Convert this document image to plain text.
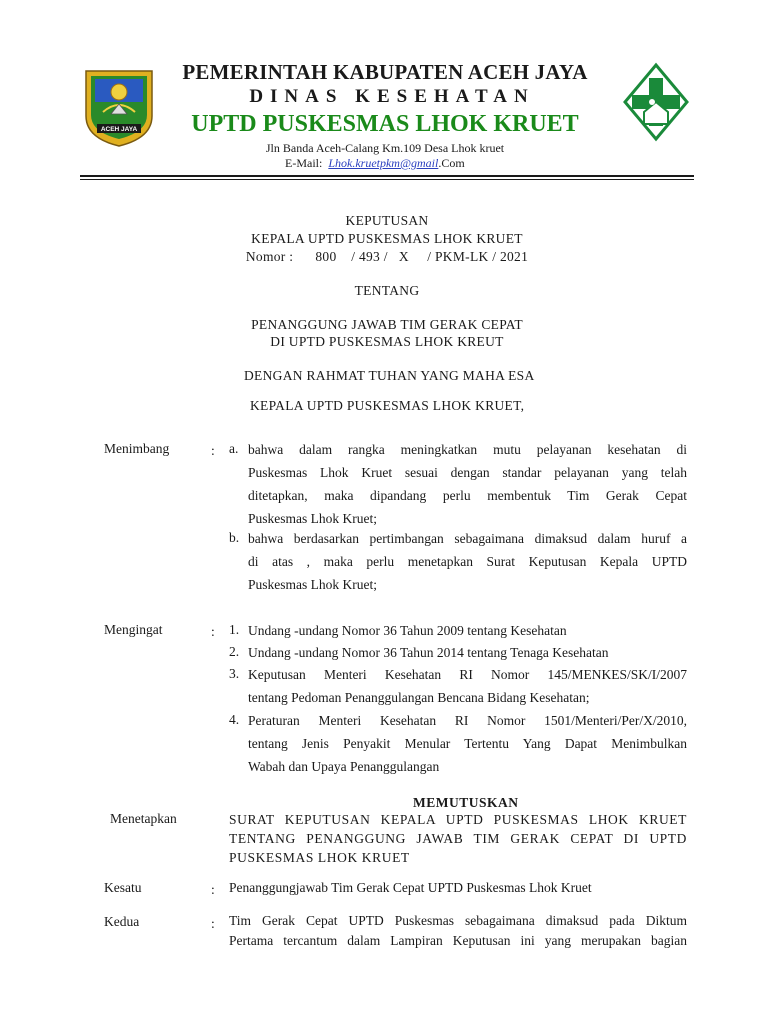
ACEH JAYA
PEMERINTAH KABUPATEN ACEH JAYA
DINAS KESEHATAN
UPTD PUSKESMAS LHOK KRUET
Jln Banda Aceh-Calang Km.109 Desa Lhok kruet
E-Mail: Lhok.kruetpkm@gmail.Com
KEPUTUSAN
KEPALA UPTD PUSKESMAS LHOK KRUET
Nomor :      800    / 493 /   X     / PKM-LK / 2021
TENTANG
PENANGGUNG JAWAB TIM GERAK CEPAT
DI UPTD PUSKESMAS LHOK KREUT
DENGAN RAHMAT TUHAN YANG MAHA ESA
KEPALA UPTD PUSKESMAS LHOK KRUET,
Menimbang	: a. bahwa dalam rangka meningkatkan mutu pelayanan kesehatan di
Puskesmas Lhok Kruet sesuai dengan standar pelayanan yang telah
ditetapkan, maka dipandang perlu membentuk Tim Gerak Cepat
Puskesmas Lhok Kruet;
b. bahwa berdasarkan pertimbangan sebagaimana dimaksud dalam huruf a
di atas , maka perlu menetapkan Surat Keputusan Kepala UPTD
Puskesmas Lhok Kruet;
Mengingat	: 1. Undang -undang Nomor 36 Tahun 2009 tentang Kesehatan
2. Undang -undang Nomor 36 Tahun 2014 tentang Tenaga Kesehatan
3. Keputusan Menteri Kesehatan RI Nomor 145/MENKES/SK/I/2007
tentang Pedoman Penanggulangan Bencana Bidang Kesehatan;
4. Peraturan Menteri Kesehatan RI Nomor 1501/Menteri/Per/X/2010,
tentang Jenis Penyakit Menular Tertentu Yang Dapat Menimbulkan
Wabah dan Upaya Penanggulangan
MEMUTUSKAN
Menetapkan	SURAT KEPUTUSAN KEPALA UPTD PUSKESMAS LHOK KRUET
TENTANG PENANGGUNG JAWAB TIM GERAK CEPAT DI UPTD
PUSKESMAS LHOK KRUET
Kesatu	: Penanggungjawab Tim Gerak Cepat UPTD Puskesmas Lhok Kruet
Kedua	: Tim Gerak Cepat UPTD Puskesmas sebagaimana dimaksud pada Diktum
Pertama tercantum dalam Lampiran Keputusan ini yang merupakan bagian
